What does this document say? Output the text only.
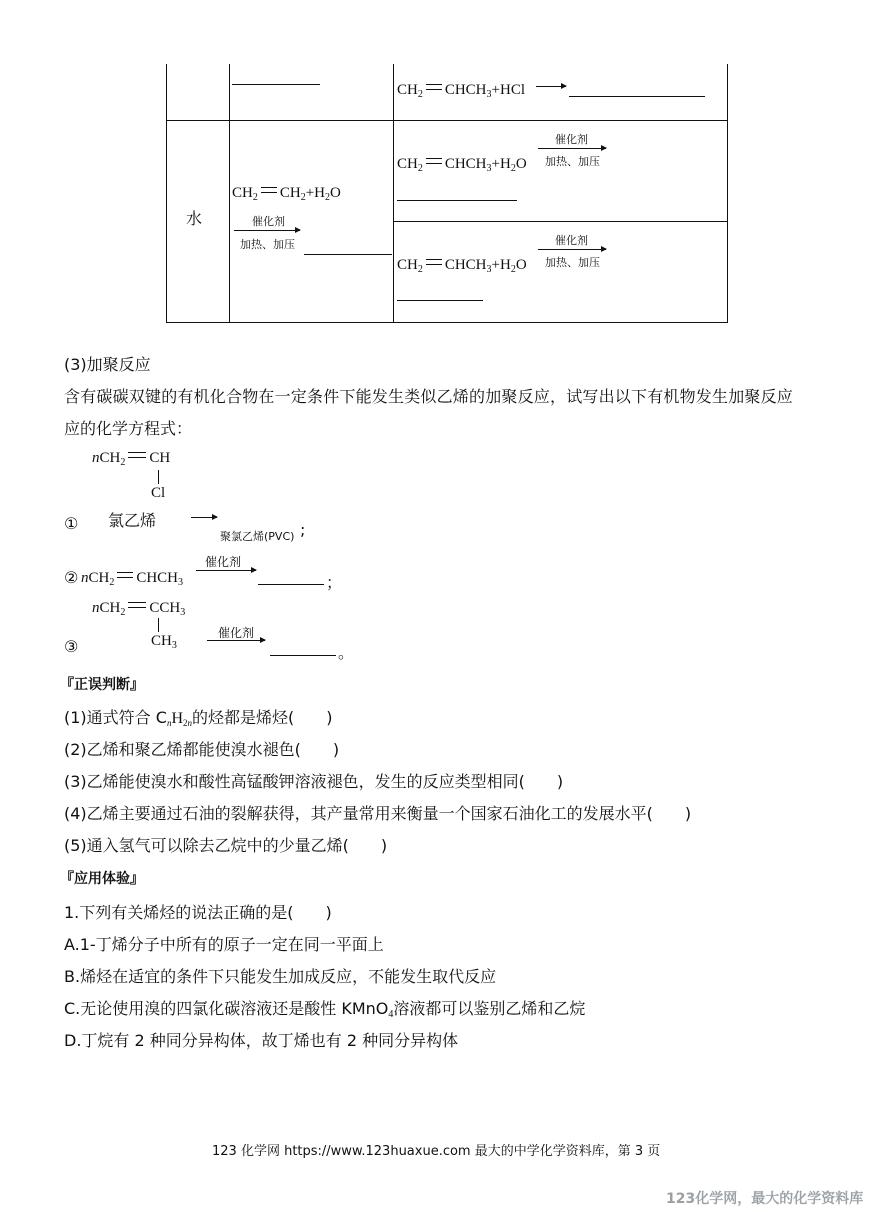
$CH_2$ $CHCH_3+HCl$ →
水
$CH_2$ $CH_2+H_2O$
催化剂
加热、加压
$CH_2$ $CHCH_3+H_2O$
催化剂
加热、加压
$CH_2$ $CHCH_3+H_2O$
催化剂
加热、加压
(3)加聚反应
含有碳碳双键的有机化合物在一定条件下能发生类似乙烯的加聚反应，试写出以下有机物发生加聚反应
应的化学方程式：
nCH$_2$ CH
Cl
① 氯乙烯
聚氯乙烯(PVC) ;
② nCH$_2$ $CHCH_3$
催化剂
；
nCH$_2$ $CCH_3$
$CH_3$
③
催化剂
。
『正误判断』
(1)通式符合 CnH2n的烃都是烯烃(　　)
(2)乙烯和聚乙烯都能使溴水褪色(　　)
(3)乙烯能使溴水和酸性高锰酸钾溶液褪色，发生的反应类型相同(　　)
(4)乙烯主要通过石油的裂解获得，其产量常用来衡量一个国家石油化工的发展水平(　　)
(5)通入氢气可以除去乙烷中的少量乙烯(　　)
『应用体验』
1.下列有关烯烃的说法正确的是(　　)
A.1-丁烯分子中所有的原子一定在同一平面上
B.烯烃在适宜的条件下只能发生加成反应，不能发生取代反应
C.无论使用溴的四氯化碳溶液还是酸性 KMnO4溶液都可以鉴别乙烯和乙烷
D.丁烷有 2 种同分异构体，故丁烯也有 2 种同分异构体
123 化学网 https://www.123huaxue.com 最大的中学化学资料库，第 3 页
123化学网，最大的化学资料库
